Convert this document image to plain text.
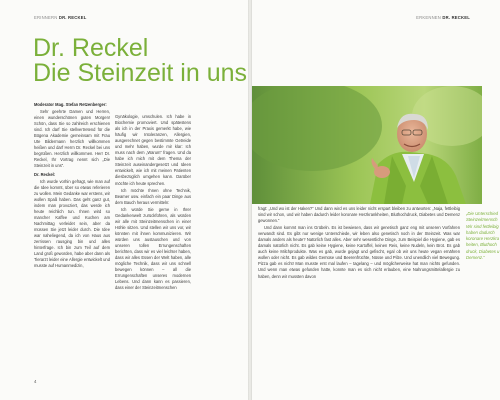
ERINNERN DR. RECKEL
Dr. Reckel
Die Steinzeit in uns

Moderator Mag. Stefan Retzenberger:

Sehr geehrte Damen und Herren, einen wunderschönen guten Morgen! Schön, dass Sie so zahlreich erschienen sind. Ich darf Sie stellvertretend für die Bögena Akademie gemeinsam mit Frau Ute Bildermann herzlich willkommen heißen und darf Herrn Dr. Reckel bei uns begrüßen. Herzlich willkommen. Herr Dr. Reckel, Ihr Vortrag nennt sich „Die Steinzeit in uns“.

Dr. Reckel:

Ich wurde vorhin gefragt, wie man auf die Idee kommt, über so etwas referieren zu wollen. Mein Gedanke war erstens, wir wollen Spaß haben. Das geht ganz gut, indem man provoziert, das werde ich heute reichlich tun. Ihnen wird so mancher Kaffee und Kuchen am Nachmittag verleidet sein, aber da müssen Sie jetzt leider durch. Die Idee war naheliegend, da ich von Haus aus zerrissen rausging bin und alles hinterfrage. Ich bin zum Teil auf dem Land groß geworden, habe aber dann als Tierarzt leider eine Allergie entwickelt und musste auf Humanmedizin,

Gynäkologie, umschulen. Ich habe in Biochemie promoviert. Und spätestens als ich in der Praxis gemerkt habe, wie häufig wir Intoleranzen, Allergien, ausgerechnet gegen bestimmte Getreide und mehr haben, wurde mir klar: Ich muss nach dem „Warum“ fragen. Und da habe ich mich mit dem Thema der Steinzeit auseinandergesetzt und Ideen entwickelt, wie ich mit meinen Patienten diesbezüglich umgehen kann. Darüber möchte ich heute sprechen.

Ich möchte Ihnen ohne Technik, Beamer usw. einfach ein paar Dinge aus dem Bauch heraus vermitteln:

Ich würde Sie gerne in Ihrer Gedankenwelt zurückführen, als würden wir alle mit Steinzeitmenschen in einer Höhle sitzen. Und stellen wir uns vor, wir könnten mit ihnen kommunizieren. Wir würden uns austauschen und von unseren tollen Errungenschaften berichten, dass wir es viel leichter haben, dass wir alles Essen der Welt haben, alle mögliche Technik, dass wir uns schnell bewegen können – all die Errungenschaften unseres modernen Lebens. Und dann kann es passieren, dass einer der Steinzeitmenschen

4
ERKENNEN DR. RECKEL

fragt: „Und wo ist der Haken?“ Und dann wird es uns leider nicht erspart bleiben zu antworten: „Naja, fettleibig sind wir schon, und wir haben dadurch leider koronare Herzkrankheiten, Bluthochdruck, Diabetes und Demenz gewonnen.“

Und dann kommt man ins Grübeln. Es ist bewiesen, dass wir genetisch ganz eng mit unseren Vorfahren verwandt sind. Es gibt nur wenige Unterschiede, wir leben also genetisch noch in der Steinzeit. Was war damals anders als heute? Natürlich fast alles. Aber sehr wesentliche Dinge, zum Beispiel die Hygiene, gab es damals natürlich nicht. Es gab keine Hygiene, keine Kartoffel, keinen Reis, keine Nudeln, kein Brot. Es gab auch keine Milchprodukte. Was es gab, wurde gejagt und gefischt, egal ob wir uns heute vegan ernähren wollen oder nicht. Es gab wildes Gemüse und Beerenfrüchte, Nüsse und Pilze. Und unendlich viel Bewegung. Pizza gab es nicht! Man musste erst mal laufen – tagelang – und möglicherweise hat man nichts gefunden. Und wenn man etwas gefunden hatte, konnte man es sich nicht erlauben, eine Nahrungsmittelallergie zu haben, denn wir mussten davon

„Die Unterschied
Steinzeitmensch
Wir sind fettleibig
haben dadurch
koronare Herzkra
heiten, Bluthoch
druck, Diabetes u
Demenz.“
